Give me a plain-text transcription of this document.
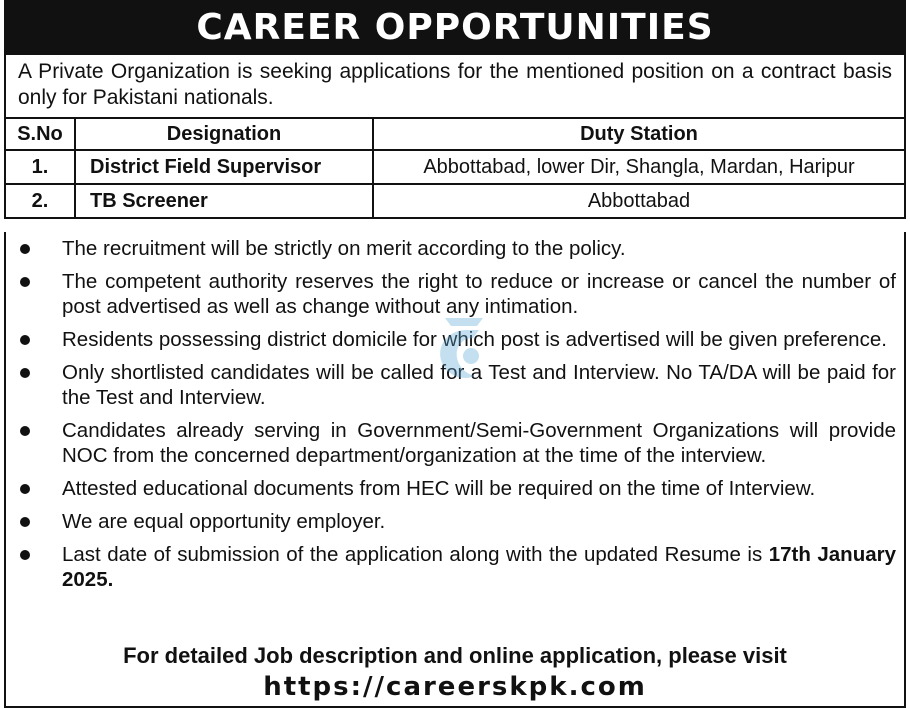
CAREER OPPORTUNITIES
A Private Organization is seeking applications for the mentioned position on a contract basis only for Pakistani nationals.
S.No	Designation	Duty Station
1.	District Field Supervisor	Abbottabad, lower Dir, Shangla, Mardan, Haripur
2.	TB Screener	Abbottabad
The recruitment will be strictly on merit according to the policy.
The competent authority reserves the right to reduce or increase or cancel the number of post advertised as well as change without any intimation.
Residents possessing district domicile for which post is advertised will be given preference.
Only shortlisted candidates will be called for a Test and Interview. No TA/DA will be paid for the Test and Interview.
Candidates already serving in Government/Semi-Government Organizations will provide NOC from the concerned department/organization at the time of the interview.
Attested educational documents from HEC will be required on the time of Interview.
We are equal opportunity employer.
Last date of submission of the application along with the updated Resume is 17th January 2025.
For detailed Job description and online application, please visit
https://careerskpk.com
